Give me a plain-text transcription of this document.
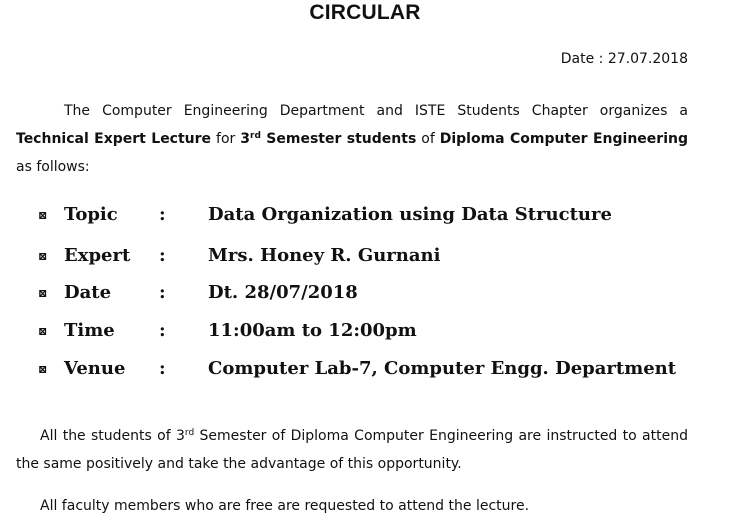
CIRCULAR
Date : 27.07.2018
The Computer Engineering Department and ISTE Students Chapter organizes a Technical Expert Lecture for 3rd Semester students of Diploma Computer Engineering as follows:
⊠ Topic : Data Organization using Data Structure
⊠ Expert : Mrs. Honey R. Gurnani
⊠ Date	: Dt. 28/07/2018
⊠ Time : 11:00am to 12:00pm
⊠ Venue : Computer Lab-7, Computer Engg. Department
All the students of 3rd Semester of Diploma Computer Engineering are instructed to attend the same positively and take the advantage of this opportunity.
All faculty members who are free are requested to attend the lecture.
